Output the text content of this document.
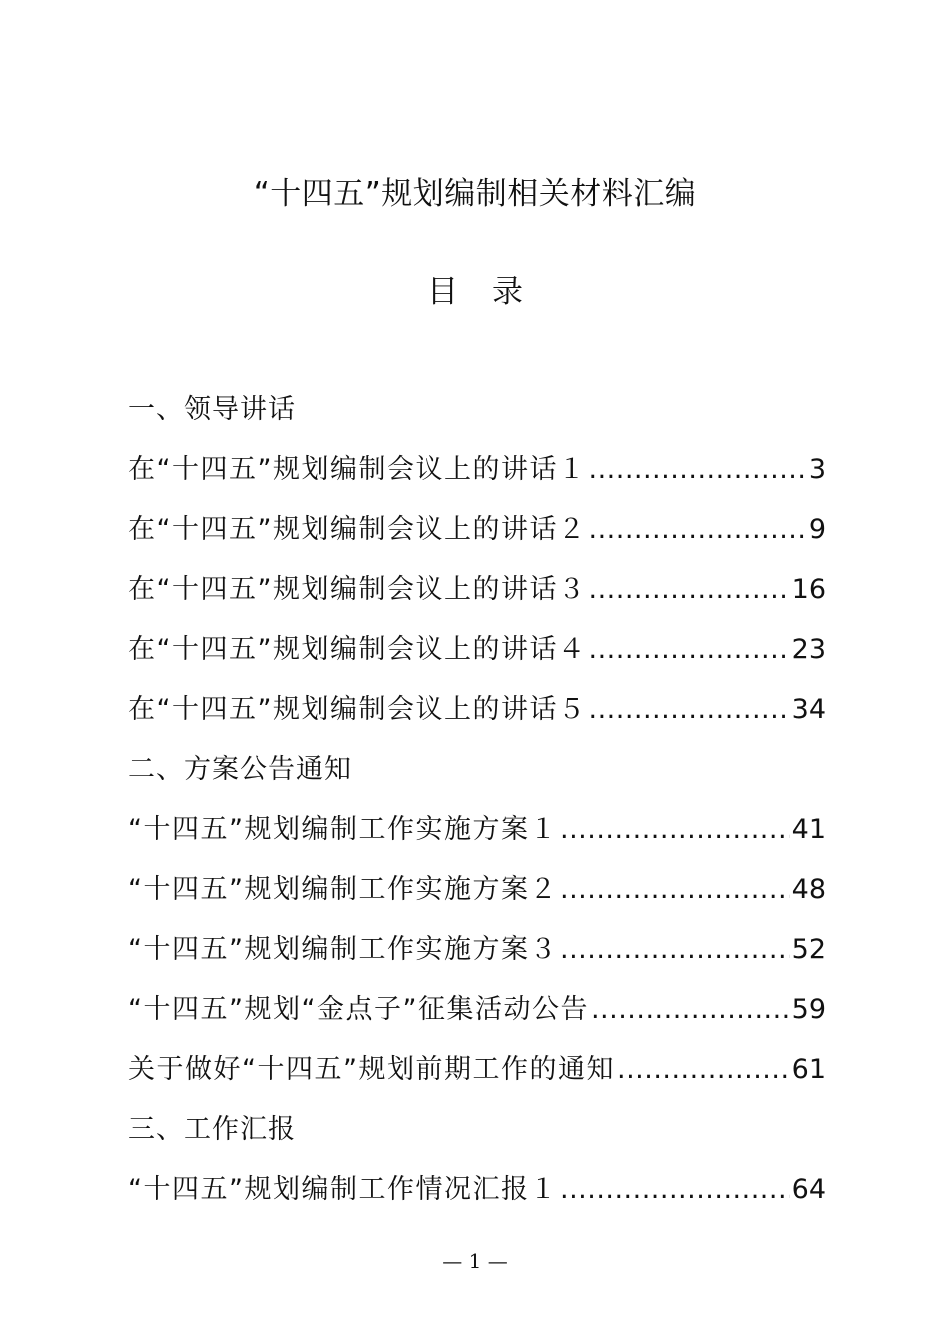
“十四五”规划编制相关材料汇编
目录
一、领导讲话
在“十四五”规划编制会议上的讲话１ .....	3
在“十四五”规划编制会议上的讲话２ .....	9
在“十四五”规划编制会议上的讲话３ .....	16
在“十四五”规划编制会议上的讲话４ .....	23
在“十四五”规划编制会议上的讲话５ .....	34
二、方案公告通知
“十四五”规划编制工作实施方案１ .....	41
“十四五”规划编制工作实施方案２ .....	48
“十四五”规划编制工作实施方案３ .....	52
“十四五”规划“金点子”征集活动公告 .....	59
关于做好“十四五”规划前期工作的通知 .....	61
三、工作汇报
“十四五”规划编制工作情况汇报１ .....	64
— 1 —
